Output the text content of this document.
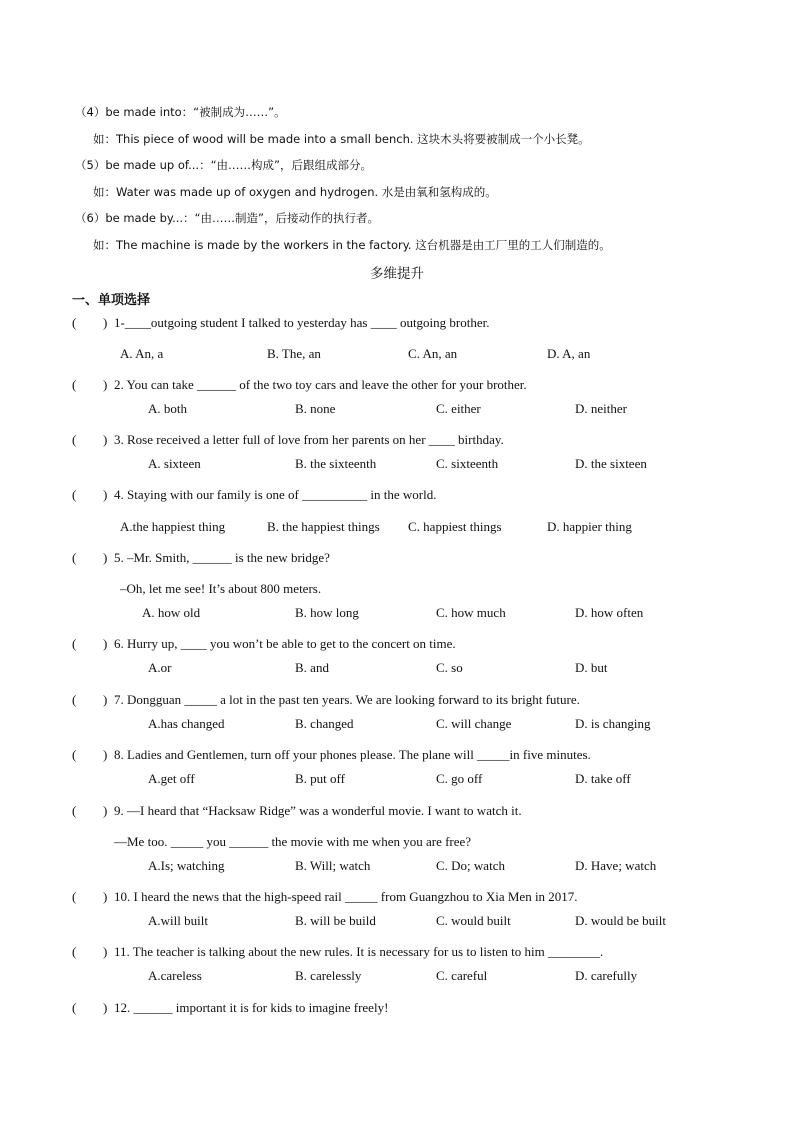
（4）be made into：“被制成为……”。
如：This piece of wood will be made into a small bench. 这块木头将要被制成一个小长凳。
（5）be made up of...：“由……构成”，后跟组成部分。
如：Water was made up of oxygen and hydrogen. 水是由氧和氢构成的。
（6）be made by...：“由……制造”，后接动作的执行者。
如：The machine is made by the workers in the factory. 这台机器是由工厂里的工人们制造的。
多维提升
一、单项选择
( ) 1-____outgoing student I talked to yesterday has ____ outgoing brother.
A. An, a	B. The, an	C. An, an	D. A, an
( ) 2. You can take ______ of the two toy cars and leave the other for your brother.
A. both	B. none	C. either	D. neither
( ) 3. Rose received a letter full of love from her parents on her ____ birthday.
A. sixteen	B. the sixteenth	C. sixteenth	D. the sixteen
( ) 4. Staying with our family is one of __________ in the world.
A.the happiest thing	B. the happiest things C. happiest things	D. happier thing
( ) 5. –Mr. Smith, ______ is the new bridge?
–Oh, let me see! It’s about 800 meters.
A. how old	B. how long	C. how much	D. how often
( ) 6. Hurry up, ____ you won’t be able to get to the concert on time.
A.or	B. and	C. so	D. but
( ) 7. Dongguan _____ a lot in the past ten years. We are looking forward to its bright future.
A.has changed	B. changed	C. will change	D. is changing
( ) 8. Ladies and Gentlemen, turn off your phones please. The plane will _____in five minutes.
A.get off	B. put off	C. go off	D. take off
( ) 9. —I heard that “Hacksaw Ridge” was a wonderful movie. I want to watch it.
—Me too. _____ you ______ the movie with me when you are free?
A.Is; watching	B. Will; watch	C. Do; watch	D. Have; watch
( ) 10. I heard the news that the high-speed rail _____ from Guangzhou to Xia Men in 2017.
A.will built	B. will be build	C. would built	D. would be built
( ) 11. The teacher is talking about the new rules. It is necessary for us to listen to him ________.
A.careless	B. carelessly	C. careful	D. carefully
( ) 12. ______ important it is for kids to imagine freely!
